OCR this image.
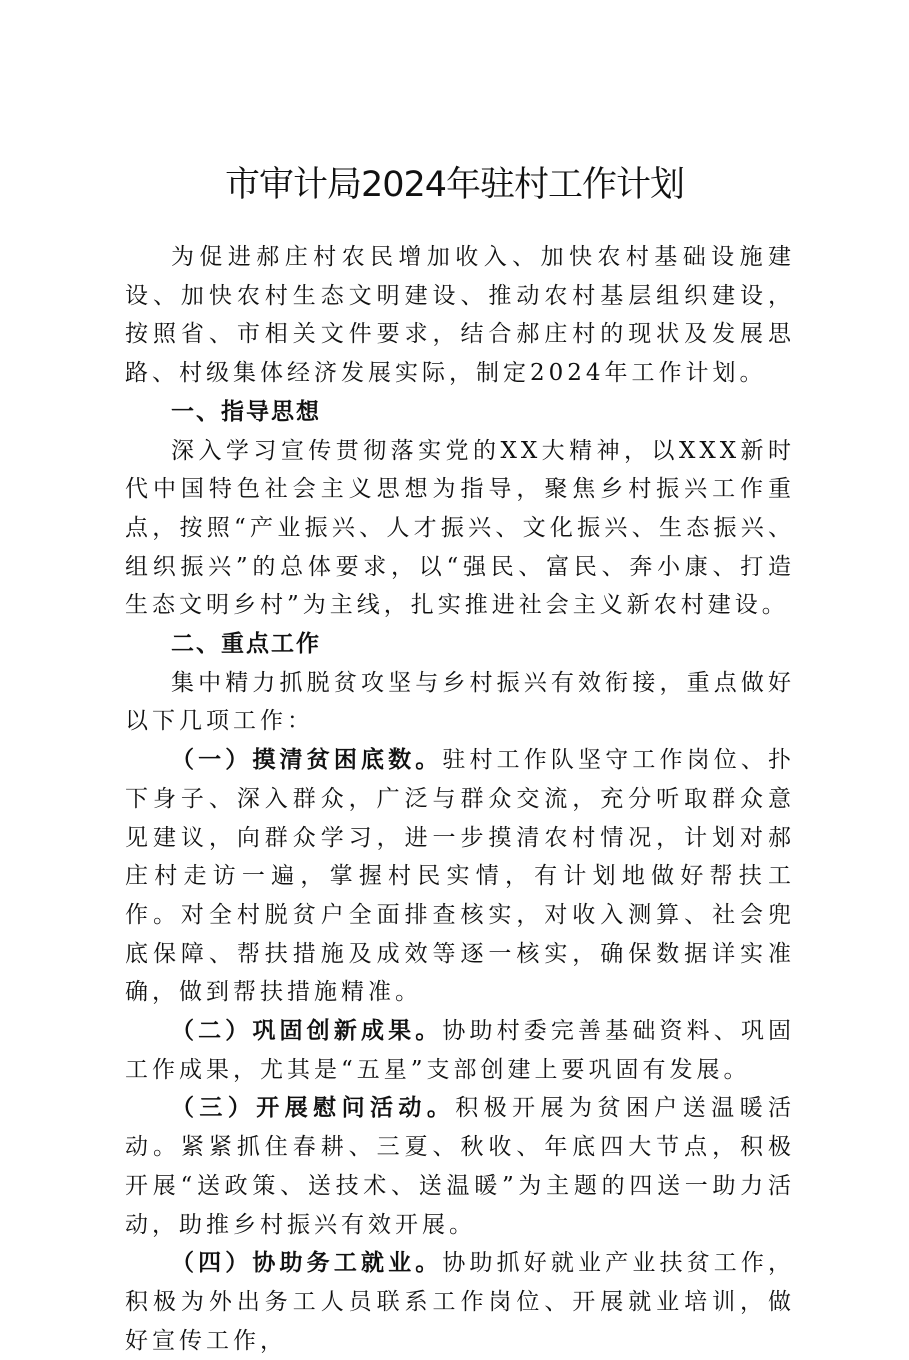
市审计局2024年驻村工作计划

为促进郝庄村农民增加收入、加快农村基础设施建设、加快农村生态文明建设、推动农村基层组织建设，按照省、市相关文件要求，结合郝庄村的现状及发展思路、村级集体经济发展实际，制定2024年工作计划。

一、指导思想

深入学习宣传贯彻落实党的XX大精神，以XXX新时代中国特色社会主义思想为指导，聚焦乡村振兴工作重点，按照“产业振兴、人才振兴、文化振兴、生态振兴、组织振兴”的总体要求，以“强民、富民、奔小康、打造生态文明乡村”为主线，扎实推进社会主义新农村建设。

二、重点工作

集中精力抓脱贫攻坚与乡村振兴有效衔接，重点做好以下几项工作：

（一）摸清贫困底数。驻村工作队坚守工作岗位、扑下身子、深入群众，广泛与群众交流，充分听取群众意见建议，向群众学习，进一步摸清农村情况，计划对郝庄村走访一遍，掌握村民实情，有计划地做好帮扶工作。对全村脱贫户全面排查核实，对收入测算、社会兜底保障、帮扶措施及成效等逐一核实，确保数据详实准确，做到帮扶措施精准。

（二）巩固创新成果。协助村委完善基础资料、巩固工作成果，尤其是“五星”支部创建上要巩固有发展。

（三）开展慰问活动。积极开展为贫困户送温暖活动。紧紧抓住春耕、三夏、秋收、年底四大节点，积极开展“送政策、送技术、送温暖”为主题的四送一助力活动，助推乡村振兴有效开展。

（四）协助务工就业。协助抓好就业产业扶贫工作，积极为外出务工人员联系工作岗位、开展就业培训，做好宣传工作，
